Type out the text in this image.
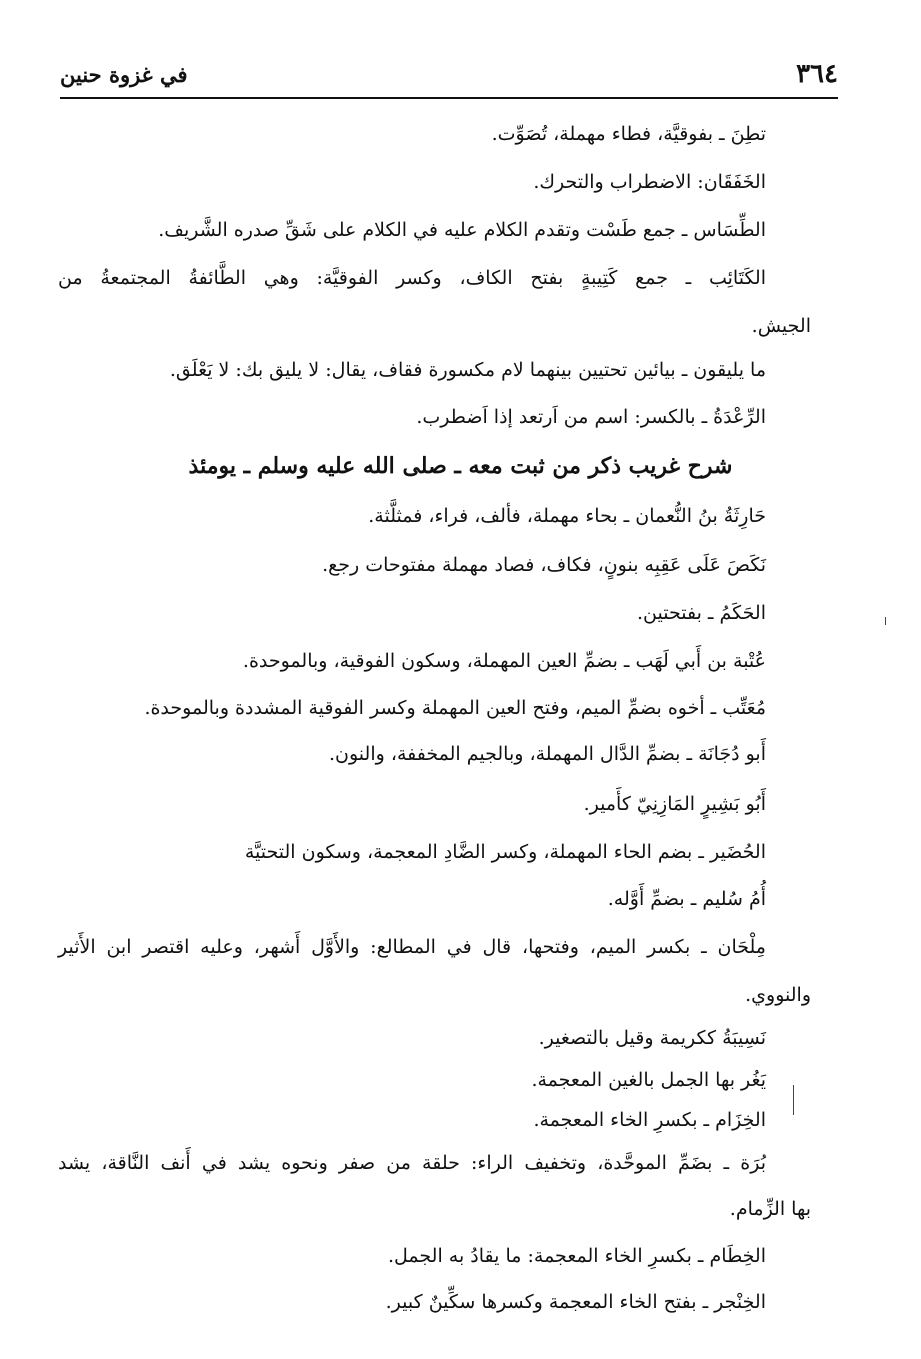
٣٦٤
في غزوة حنين
تطِنَ ـ بفوقيَّة، فطاء مهملة، تُصَوِّت.
الخَفَقَان: الاضطراب والتحرك.
الطِّسَاس ـ جمع طَسْت وتقدم الكلام عليه في الكلام على شَقِّ صدره الشَّريف.
الكَتَائِب ـ جمع كَتِيبةٍ بفتح الكاف، وكسر الفوقيَّة: وهي الطَّائفةُ المجتمعةُ من
الجيش.
ما يليقون ـ بيائين تحتيين بينهما لام مكسورة فقاف، يقال: لا يليق بك: لا يَعْلَق.
الرِّعْدَةُ ـ بالكسر: اسم من اَرتعد إذا اَضطرب.
شرح غريب ذكر من ثبت معه ـ صلى الله عليه وسلم ـ يومئذ
حَارِثَةُ بنُ النُّعمان ـ بحاء مهملة، فألف، فراء، فمثلَّثة.
نَكَصَ عَلَى عَقِبِه بنونٍ، فكاف، فصاد مهملة مفتوحات رجع.
الحَكَمُ ـ بفتحتين.
عُتْبة بن أَبي لَهَب ـ بضمِّ العين المهملة، وسكون الفوقية، وبالموحدة.
مُعَتِّب ـ أخوه بضمِّ الميم، وفتح العين المهملة وكسر الفوقية المشددة وبالموحدة.
أَبو دُجَانَة ـ بضمِّ الدَّال المهملة، وبالجيم المخففة، والنون.
أَبُو بَشِيرٍ المَازِنِيّ كأَمير.
الحُضَير ـ بضم الحاء المهملة، وكسر الضَّادِ المعجمة، وسكون التحتيَّة
أُمُ سُليم ـ بضمِّ أَوَّله.
مِلْحَان ـ بكسر الميم، وفتحها، قال في المطالع: والأَوَّل أَشهر، وعليه اقتصر ابن الأَثير
والنووي.
نَسِيبَةُ ككريمة وقيل بالتصغير.
يَغُر بها الجمل بالغين المعجمة.
الخِزَام ـ بكسرِ الخاء المعجمة.
بُرَة ـ بضَمِّ الموحَّدة، وتخفيف الراء: حلقة من صفر ونحوه يشد في أَنف النَّاقة، يشد
بها الزِّمام.
الخِطَام ـ بكسرِ الخاء المعجمة: ما يقادُ به الجمل.
الخِنْجر ـ بفتح الخاء المعجمة وكسرها سكِّينٌ كبير.
